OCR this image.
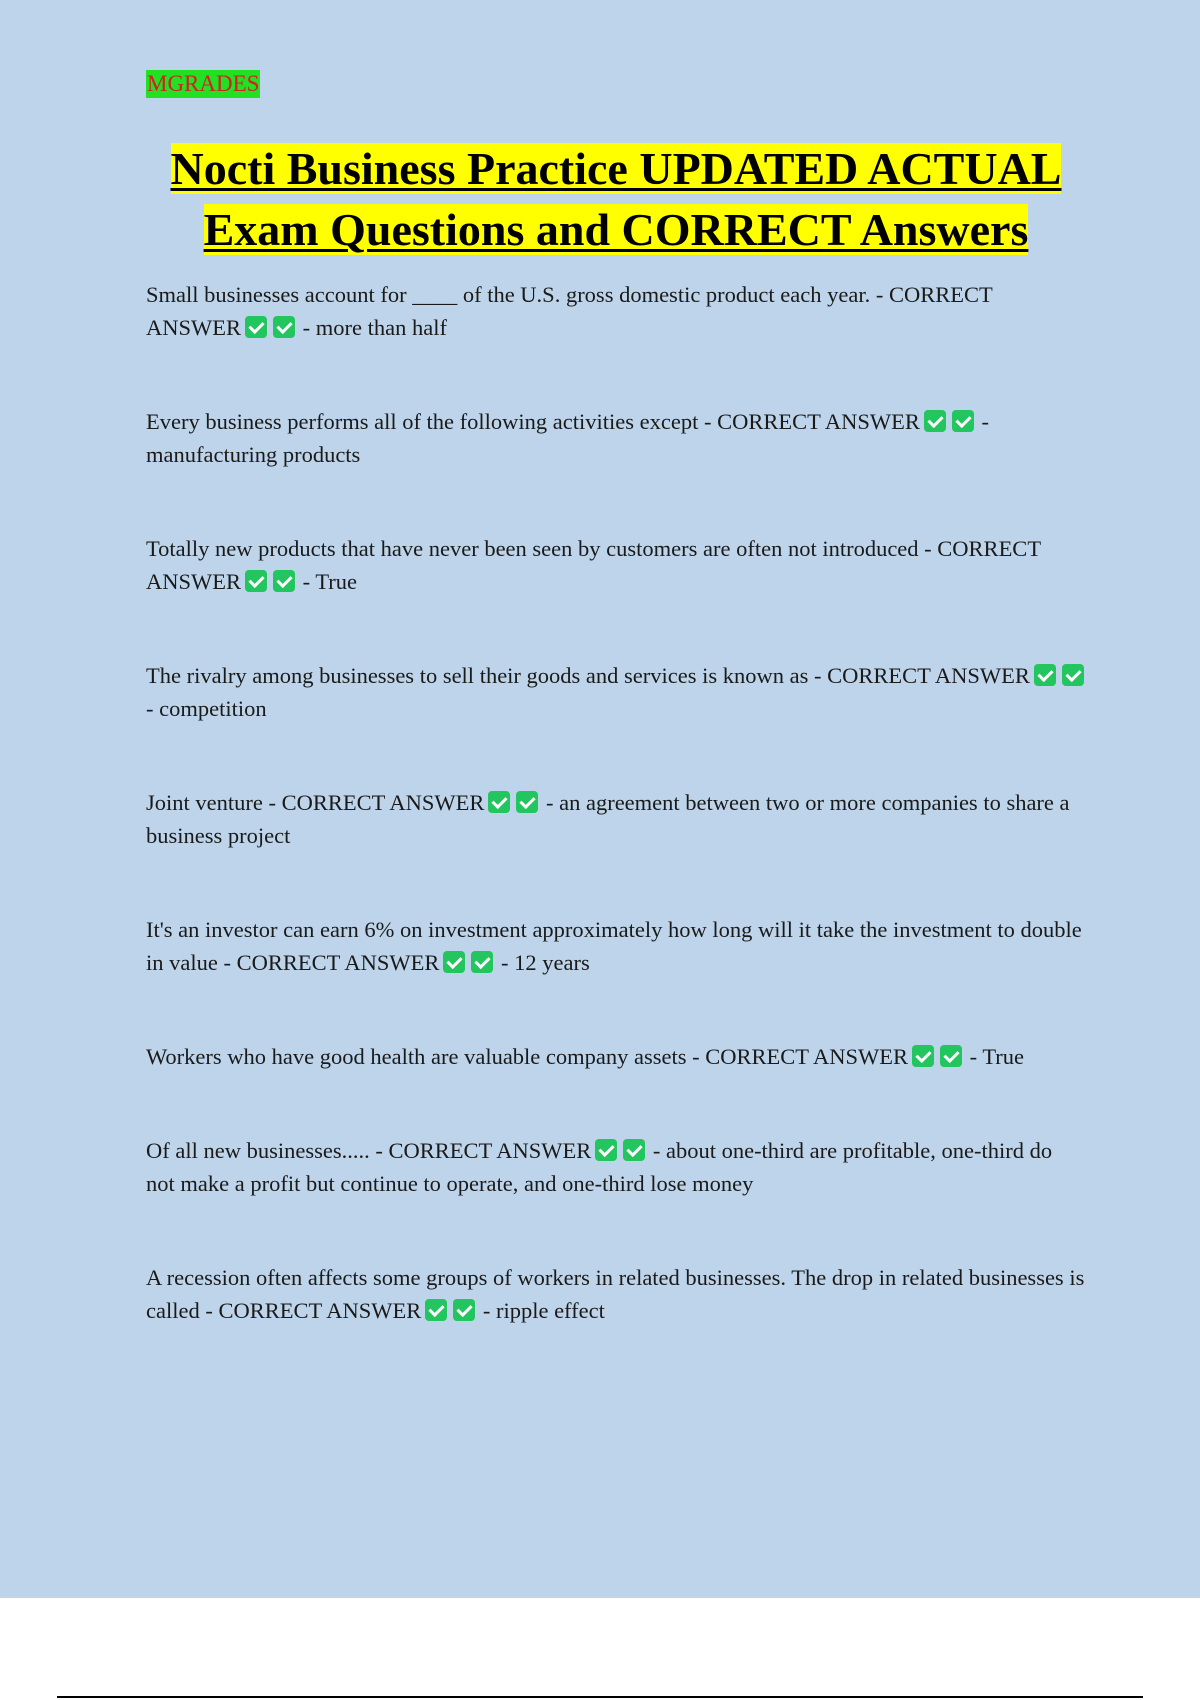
MGRADES
Nocti Business Practice UPDATED ACTUAL Exam Questions and CORRECT Answers
Small businesses account for ____ of the U.S. gross domestic product each year. - CORRECT ANSWER - more than half
Every business performs all of the following activities except - CORRECT ANSWER - manufacturing products
Totally new products that have never been seen by customers are often not introduced - CORRECT ANSWER - True
The rivalry among businesses to sell their goods and services is known as - CORRECT ANSWER - competition
Joint venture - CORRECT ANSWER - an agreement between two or more companies to share a business project
It's an investor can earn 6% on investment approximately how long will it take the investment to double in value - CORRECT ANSWER - 12 years
Workers who have good health are valuable company assets - CORRECT ANSWER - True
Of all new businesses..... - CORRECT ANSWER - about one-third are profitable, one-third do not make a profit but continue to operate, and one-third lose money
A recession often affects some groups of workers in related businesses. The drop in related businesses is called - CORRECT ANSWER - ripple effect
